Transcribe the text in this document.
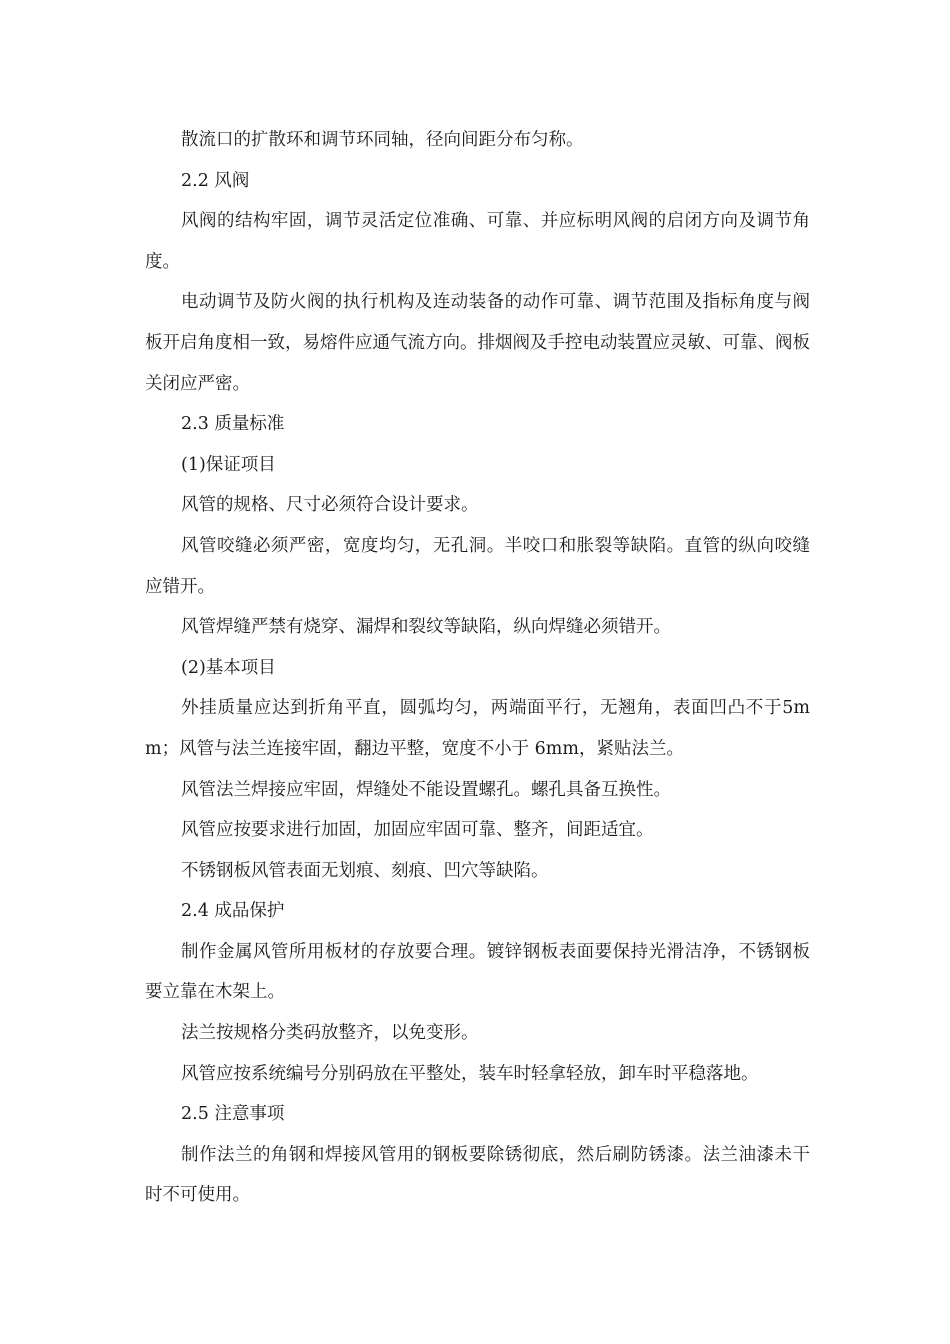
散流口的扩散环和调节环同轴，径向间距分布匀称。

2.2 风阀

风阀的结构牢固，调节灵活定位准确、可靠、并应标明风阀的启闭方向及调节角度。

电动调节及防火阀的执行机构及连动装备的动作可靠、调节范围及指标角度与阀板开启角度相一致，易熔件应通气流方向。排烟阀及手控电动装置应灵敏、可靠、阀板关闭应严密。

2.3 质量标准

(1)保证项目

风管的规格、尺寸必须符合设计要求。

风管咬缝必须严密，宽度均匀，无孔洞。半咬口和胀裂等缺陷。直管的纵向咬缝应错开。

风管焊缝严禁有烧穿、漏焊和裂纹等缺陷，纵向焊缝必须错开。

(2)基本项目

外挂质量应达到折角平直，圆弧均匀，两端面平行，无翘角，表面凹凸不于5mm；风管与法兰连接牢固，翻边平整，宽度不小于 6mm，紧贴法兰。

风管法兰焊接应牢固，焊缝处不能设置螺孔。螺孔具备互换性。

风管应按要求进行加固，加固应牢固可靠、整齐，间距适宜。

不锈钢板风管表面无划痕、刻痕、凹穴等缺陷。

2.4 成品保护

制作金属风管所用板材的存放要合理。镀锌钢板表面要保持光滑洁净，不锈钢板要立靠在木架上。

法兰按规格分类码放整齐，以免变形。

风管应按系统编号分别码放在平整处，装车时轻拿轻放，卸车时平稳落地。

2.5 注意事项

制作法兰的角钢和焊接风管用的钢板要除锈彻底，然后刷防锈漆。法兰油漆未干时不可使用。
